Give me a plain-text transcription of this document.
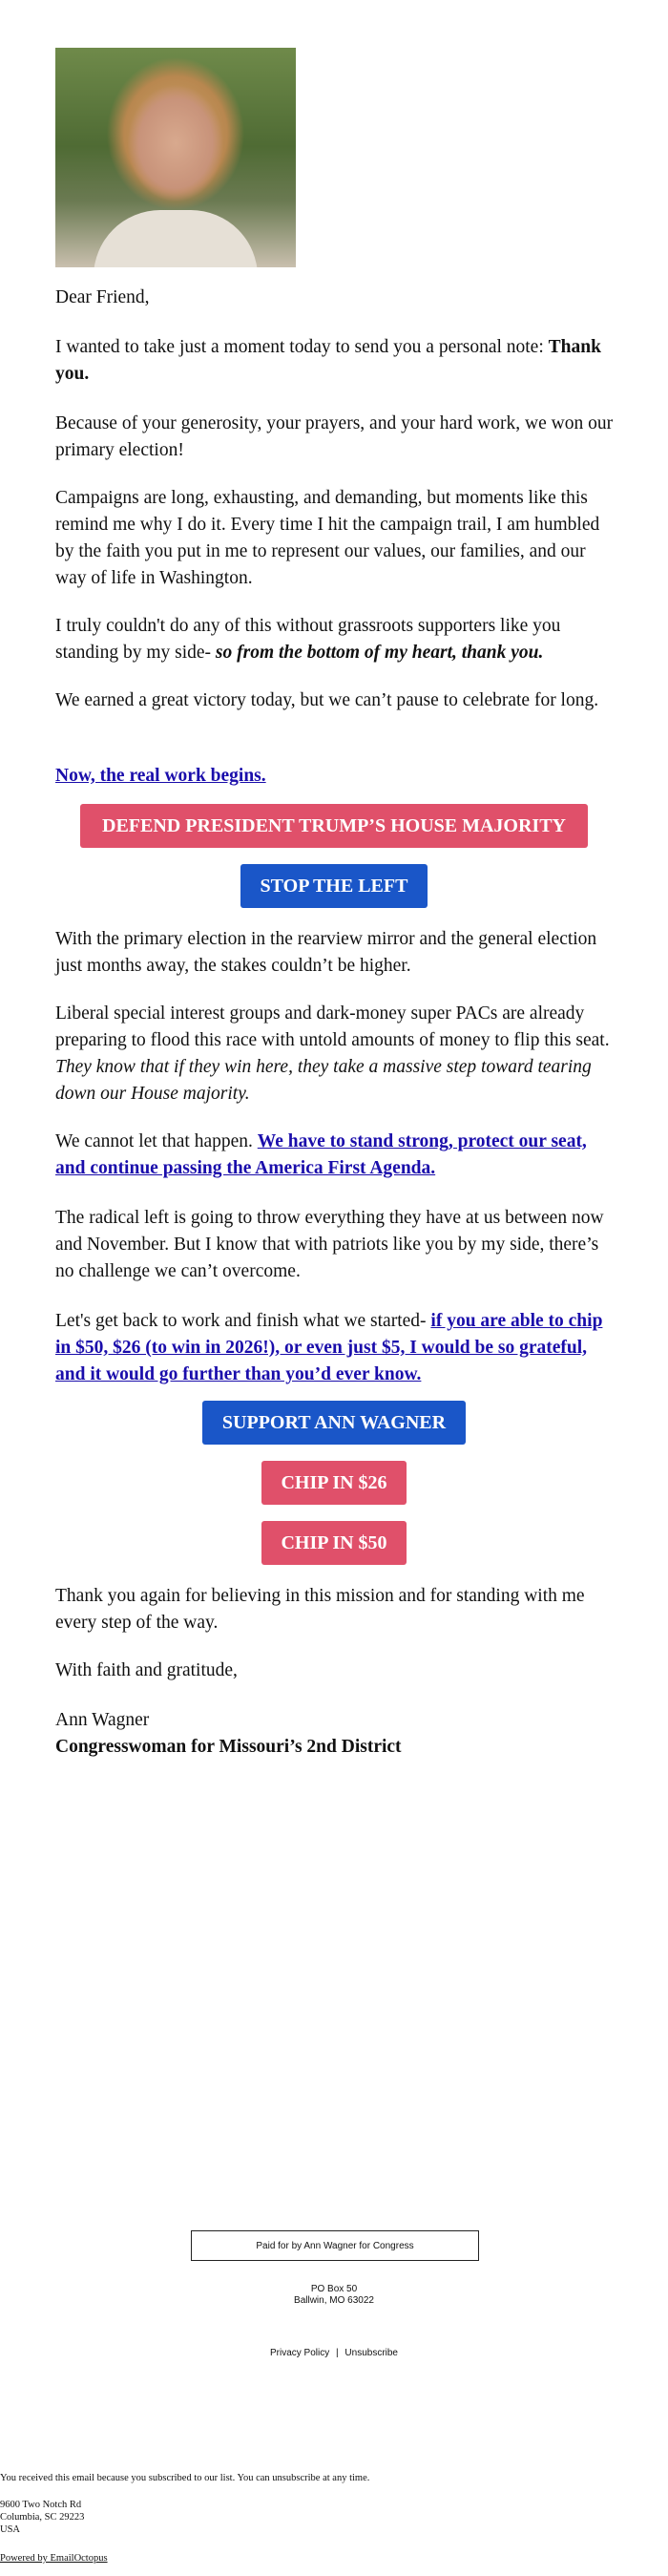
Dear Friend,

I wanted to take just a moment today to send you a personal note: Thank you.

Because of your generosity, your prayers, and your hard work, we won our primary election!

Campaigns are long, exhausting, and demanding, but moments like this remind me why I do it. Every time I hit the campaign trail, I am humbled by the faith you put in me to represent our values, our families, and our way of life in Washington.

I truly couldn't do any of this without grassroots supporters like you standing by my side- so from the bottom of my heart, thank you.

We earned a great victory today, but we can’t pause to celebrate for long.

Now, the real work begins.

DEFEND PRESIDENT TRUMP’S HOUSE MAJORITY
STOP THE LEFT

With the primary election in the rearview mirror and the general election just months away, the stakes couldn’t be higher.

Liberal special interest groups and dark-money super PACs are already preparing to flood this race with untold amounts of money to flip this seat. They know that if they win here, they take a massive step toward tearing down our House majority.

We cannot let that happen. We have to stand strong, protect our seat, and continue passing the America First Agenda.

The radical left is going to throw everything they have at us between now and November. But I know that with patriots like you by my side, there’s no challenge we can’t overcome.

Let's get back to work and finish what we started- if you are able to chip in $50, $26 (to win in 2026!), or even just $5, I would be so grateful, and it would go further than you’d ever know.

SUPPORT ANN WAGNER
CHIP IN $26
CHIP IN $50

Thank you again for believing in this mission and for standing with me every step of the way.

With faith and gratitude,

Ann Wagner

Congresswoman for Missouri’s 2nd District

Paid for by Ann Wagner for Congress
PO Box 50
Ballwin, MO 63022
Privacy Policy | Unsubscribe
You received this email because you subscribed to our list. You can unsubscribe at any time.
9600 Two Notch Rd
Columbia, SC 29223
USA
Powered by EmailOctopus
